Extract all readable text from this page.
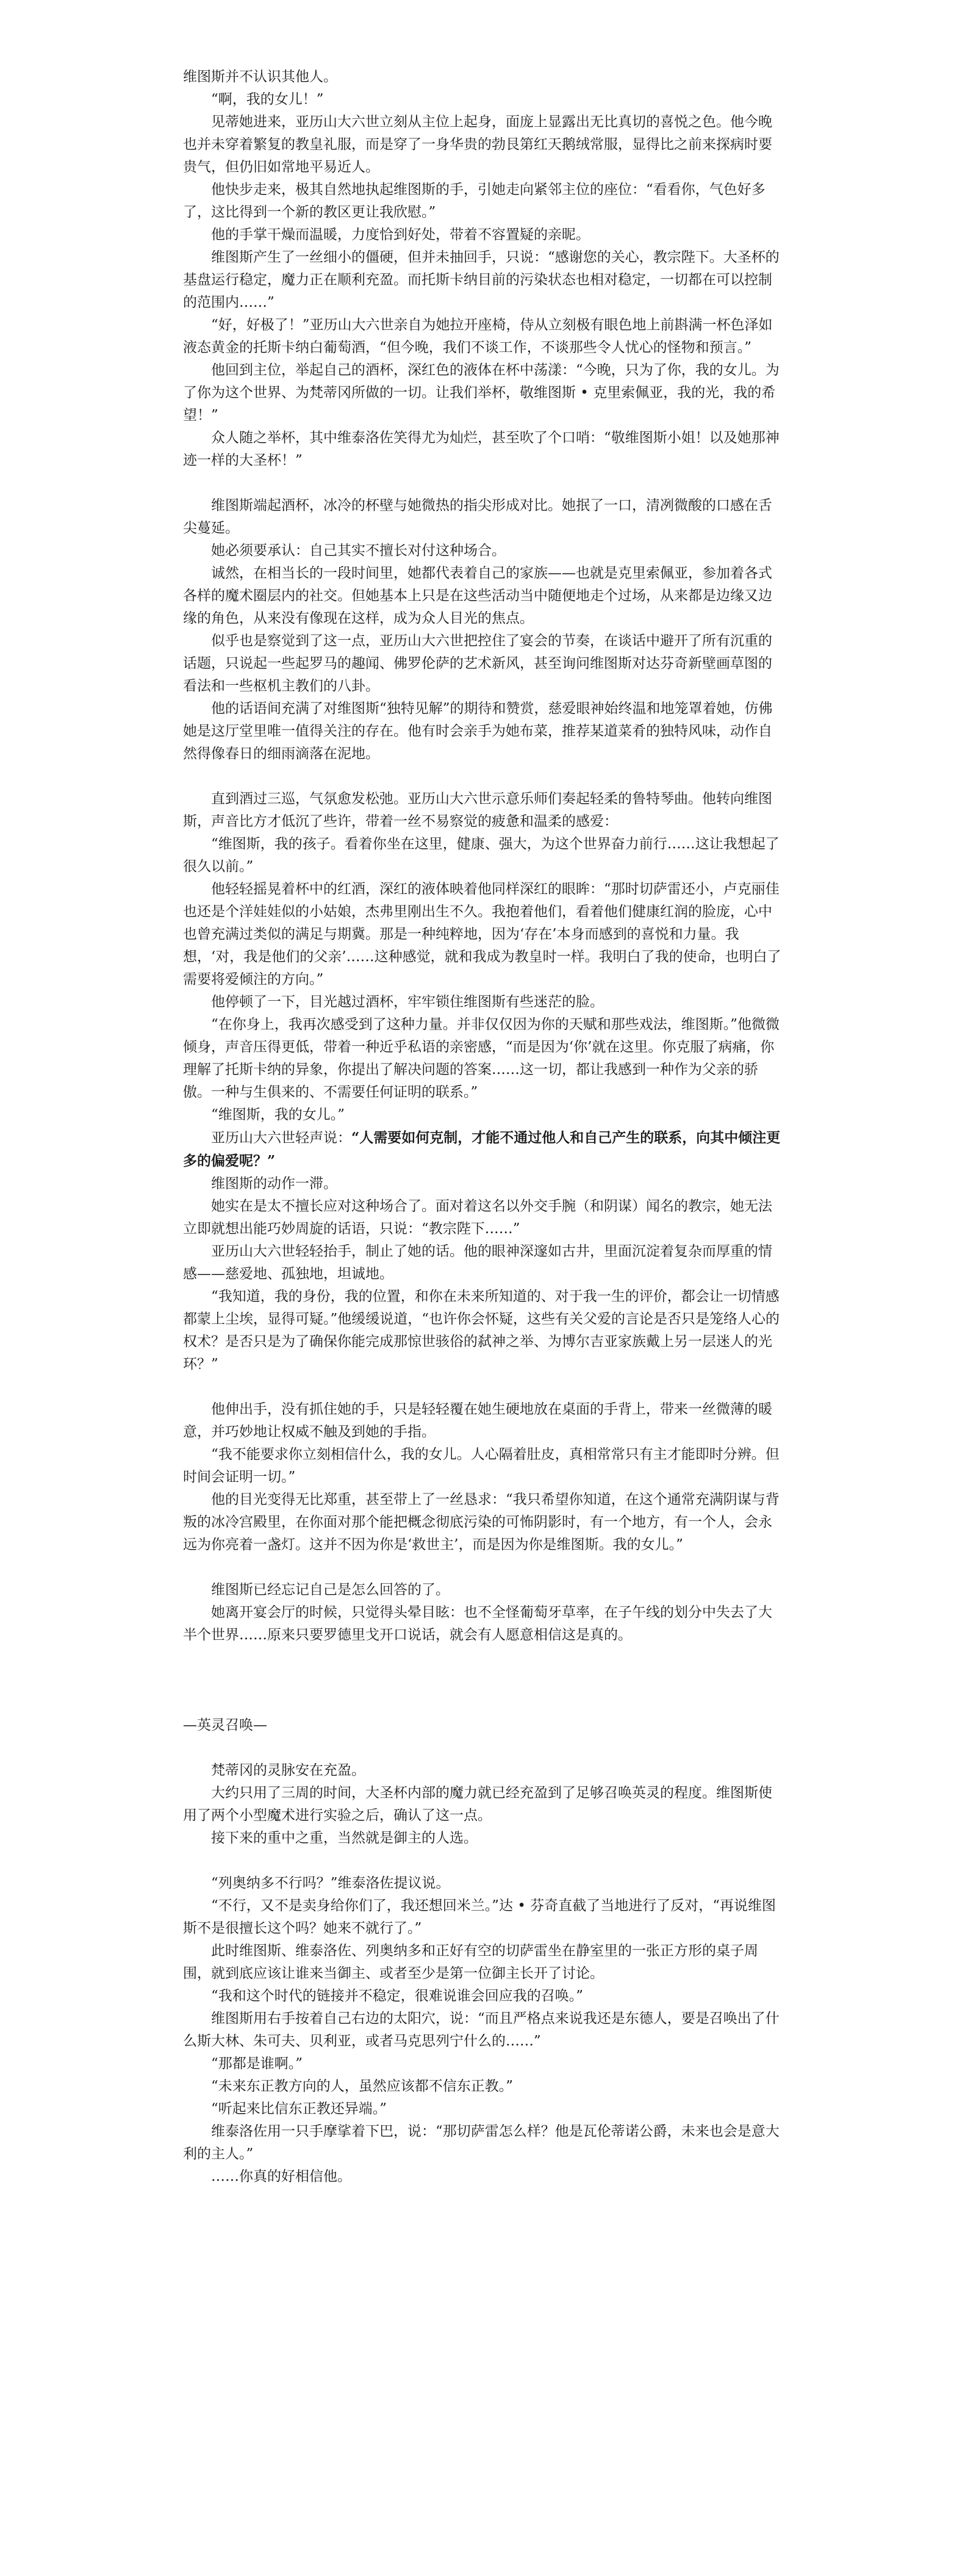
维图斯并不认识其他人。

“啊，我的女儿！”

见蒂她进来，亚历山大六世立刻从主位上起身，面庞上显露出无比真切的喜悦之色。他今晚也并未穿着繁复的教皇礼服，而是穿了一身华贵的勃艮第红天鹅绒常服，显得比之前来探病时要贵气，但仍旧如常地平易近人。

他快步走来，极其自然地执起维图斯的手，引她走向紧邻主位的座位：“看看你，气色好多了，这比得到一个新的教区更让我欣慰。”

他的手掌干燥而温暖，力度恰到好处，带着不容置疑的亲昵。

维图斯产生了一丝细小的僵硬，但并未抽回手，只说：“感谢您的关心，教宗陛下。大圣杯的基盘运行稳定，魔力正在顺利充盈。而托斯卡纳目前的污染状态也相对稳定，一切都在可以控制的范围内……”

“好，好极了！”亚历山大六世亲自为她拉开座椅，侍从立刻极有眼色地上前斟满一杯色泽如液态黄金的托斯卡纳白葡萄酒，“但今晚，我们不谈工作，不谈那些令人忧心的怪物和预言。”

他回到主位，举起自己的酒杯，深红色的液体在杯中荡漾：“今晚，只为了你，我的女儿。为了你为这个世界、为梵蒂冈所做的一切。让我们举杯，敬维图斯 • 克里索佩亚，我的光，我的希望！”

众人随之举杯，其中维泰洛佐笑得尤为灿烂，甚至吹了个口哨：“敬维图斯小姐！以及她那神迹一样的大圣杯！”

维图斯端起酒杯，冰冷的杯壁与她微热的指尖形成对比。她抿了一口，清冽微酸的口感在舌尖蔓延。

她必须要承认：自己其实不擅长对付这种场合。

诚然，在相当长的一段时间里，她都代表着自己的家族——也就是克里索佩亚，参加着各式各样的魔术圈层内的社交。但她基本上只是在这些活动当中随便地走个过场，从来都是边缘又边缘的角色，从来没有像现在这样，成为众人目光的焦点。

似乎也是察觉到了这一点，亚历山大六世把控住了宴会的节奏，在谈话中避开了所有沉重的话题，只说起一些起罗马的趣闻、佛罗伦萨的艺术新风，甚至询问维图斯对达芬奇新壁画草图的看法和一些枢机主教们的八卦。

他的话语间充满了对维图斯“独特见解”的期待和赞赏，慈爱眼神始终温和地笼罩着她，仿佛她是这厅堂里唯一值得关注的存在。他有时会亲手为她布菜，推荐某道菜肴的独特风味，动作自然得像春日的细雨滴落在泥地。

直到酒过三巡，气氛愈发松弛。亚历山大六世示意乐师们奏起轻柔的鲁特琴曲。他转向维图斯，声音比方才低沉了些许，带着一丝不易察觉的疲惫和温柔的感爱：

“维图斯，我的孩子。看着你坐在这里，健康、强大，为这个世界奋力前行……这让我想起了很久以前。”

他轻轻摇晃着杯中的红酒，深红的液体映着他同样深红的眼眸：“那时切萨雷还小，卢克丽佳也还是个洋娃娃似的小姑娘，杰弗里刚出生不久。我抱着他们，看着他们健康红润的脸庞，心中也曾充满过类似的满足与期冀。那是一种纯粹地，因为‘存在’本身而感到的喜悦和力量。我想，‘对，我是他们的父亲’……这种感觉，就和我成为教皇时一样。我明白了我的使命，也明白了需要将爱倾注的方向。”

他停顿了一下，目光越过酒杯，牢牢锁住维图斯有些迷茫的脸。

“在你身上，我再次感受到了这种力量。并非仅仅因为你的天赋和那些戏法，维图斯。”他微微倾身，声音压得更低，带着一种近乎私语的亲密感，“而是因为‘你’就在这里。你克服了病痛，你理解了托斯卡纳的异象，你提出了解决问题的答案……这一切，都让我感到一种作为父亲的骄傲。一种与生俱来的、不需要任何证明的联系。”

“维图斯，我的女儿。”

亚历山大六世轻声说：“人需要如何克制，才能不通过他人和自己产生的联系，向其中倾注更多的偏爱呢？”

维图斯的动作一滞。

她实在是太不擅长应对这种场合了。面对着这名以外交手腕（和阴谋）闻名的教宗，她无法立即就想出能巧妙周旋的话语，只说：“教宗陛下……”

亚历山大六世轻轻抬手，制止了她的话。他的眼神深邃如古井，里面沉淀着复杂而厚重的情感——慈爱地、孤独地，坦诚地。

“我知道，我的身份，我的位置，和你在未来所知道的、对于我一生的评价，都会让一切情感都蒙上尘埃，显得可疑。”他缓缓说道，“也许你会怀疑，这些有关父爱的言论是否只是笼络人心的权术？是否只是为了确保你能完成那惊世骇俗的弑神之举、为博尔吉亚家族戴上另一层迷人的光环？”

他伸出手，没有抓住她的手，只是轻轻覆在她生硬地放在桌面的手背上，带来一丝微薄的暖意，并巧妙地让权威不触及到她的手指。

“我不能要求你立刻相信什么，我的女儿。人心隔着肚皮，真相常常只有主才能即时分辨。但时间会证明一切。”

他的目光变得无比郑重，甚至带上了一丝恳求：“我只希望你知道，在这个通常充满阴谋与背叛的冰冷宫殿里，在你面对那个能把概念彻底污染的可怖阴影时，有一个地方，有一个人，会永远为你亮着一盏灯。这并不因为你是‘救世主’，而是因为你是维图斯。我的女儿。”

维图斯已经忘记自己是怎么回答的了。

她离开宴会厅的时候，只觉得头晕目眩：也不全怪葡萄牙草率，在子午线的划分中失去了大半个世界……原来只要罗德里戈开口说话，就会有人愿意相信这是真的。

—英灵召唤—

梵蒂冈的灵脉安在充盈。

大约只用了三周的时间，大圣杯内部的魔力就已经充盈到了足够召唤英灵的程度。维图斯使用了两个小型魔术进行实验之后，确认了这一点。

接下来的重中之重，当然就是御主的人选。

“列奥纳多不行吗？”维泰洛佐提议说。

“不行，又不是卖身给你们了，我还想回米兰。”达 • 芬奇直截了当地进行了反对，“再说维图斯不是很擅长这个吗？她来不就行了。”

此时维图斯、维泰洛佐、列奥纳多和正好有空的切萨雷坐在静室里的一张正方形的桌子周围，就到底应该让谁来当御主、或者至少是第一位御主长开了讨论。

“我和这个时代的链接并不稳定，很难说谁会回应我的召唤。”

维图斯用右手按着自己右边的太阳穴，说：“而且严格点来说我还是东德人，要是召唤出了什么斯大林、朱可夫、贝利亚，或者马克思列宁什么的……”

“那都是谁啊。”

“未来东正教方向的人，虽然应该都不信东正教。”

“听起来比信东正教还异端。”

维泰洛佐用一只手摩挲着下巴，说：“那切萨雷怎么样？他是瓦伦蒂诺公爵，未来也会是意大利的主人。”

……你真的好相信他。
